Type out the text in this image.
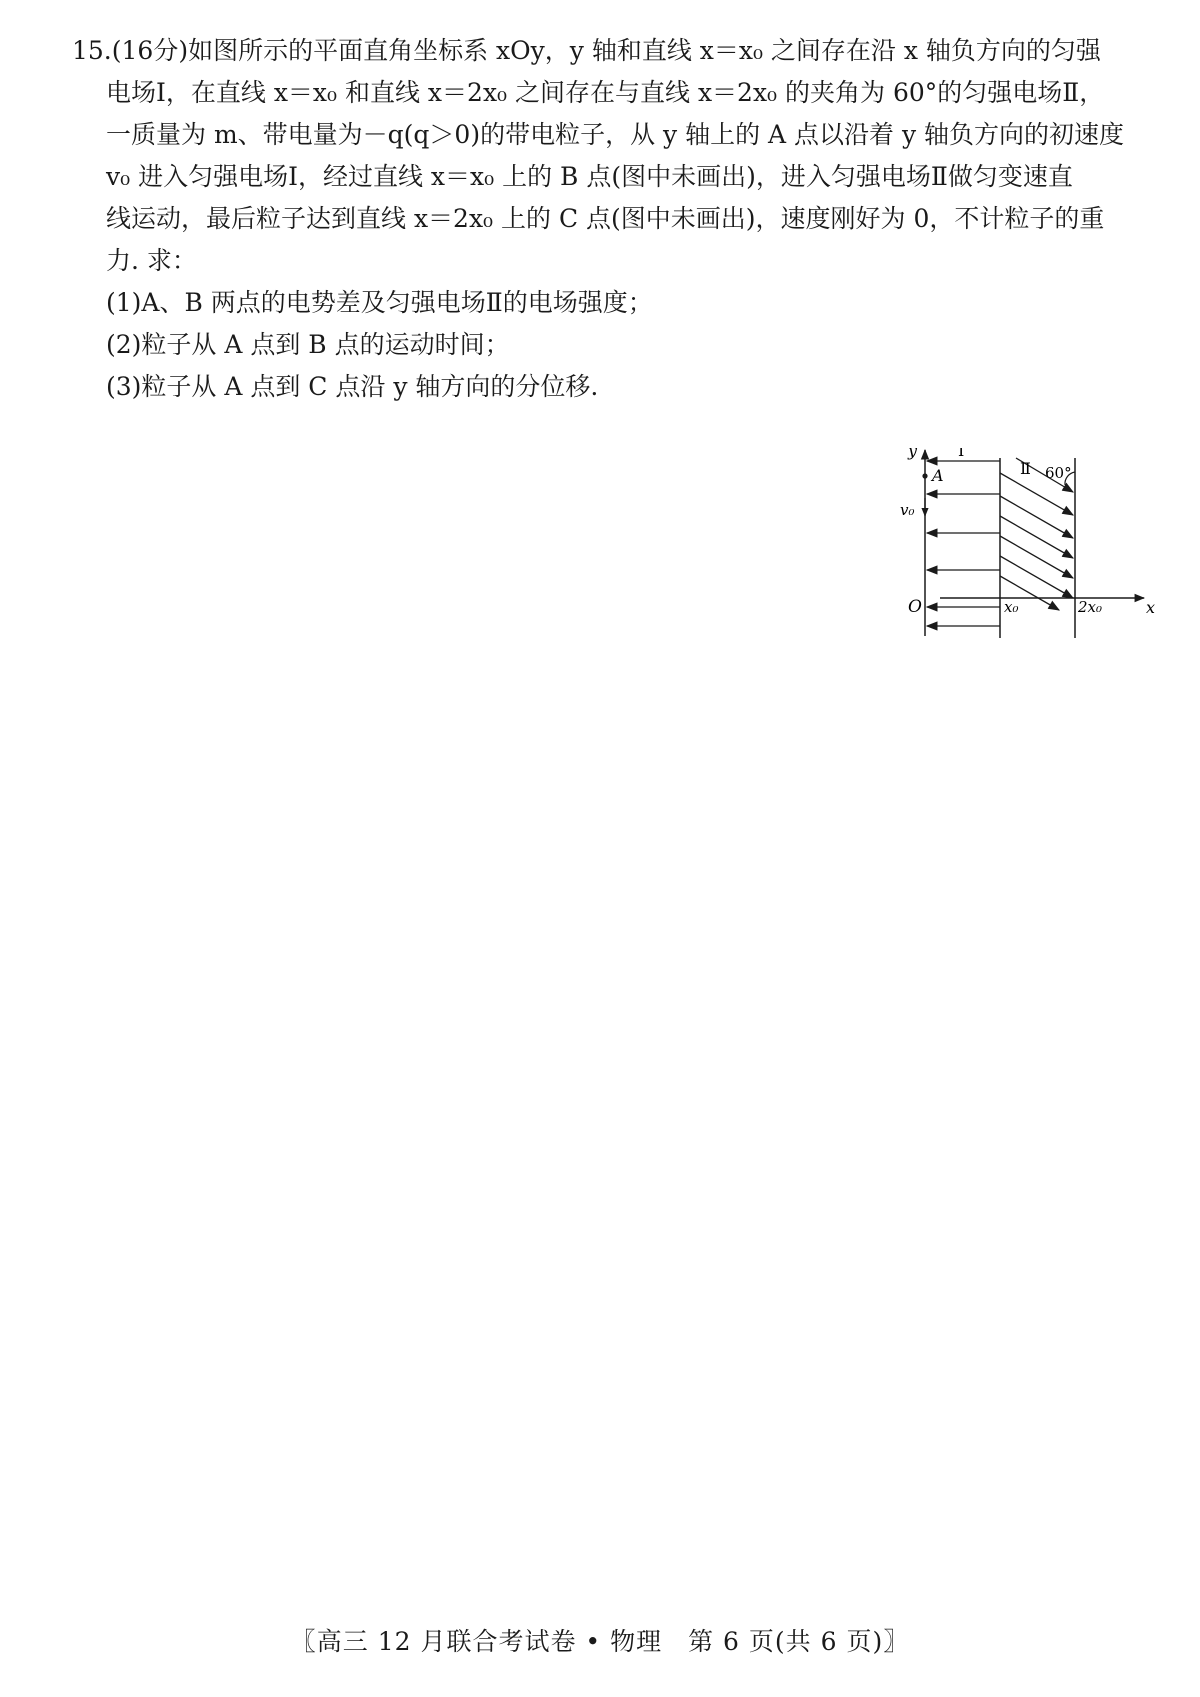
15.(16分)如图所示的平面直角坐标系 xOy，y 轴和直线 x＝x₀ 之间存在沿 x 轴负方向的匀强

电场Ⅰ，在直线 x＝x₀ 和直线 x＝2x₀ 之间存在与直线 x＝2x₀ 的夹角为 60°的匀强电场Ⅱ，

一质量为 m、带电量为－q(q＞0)的带电粒子，从 y 轴上的 A 点以沿着 y 轴负方向的初速度

v₀ 进入匀强电场Ⅰ，经过直线 x＝x₀ 上的 B 点(图中未画出)，进入匀强电场Ⅱ做匀变速直

线运动，最后粒子达到直线 x＝2x₀ 上的 C 点(图中未画出)，速度刚好为 0，不计粒子的重

力. 求：

(1)A、B 两点的电势差及匀强电场Ⅱ的电场强度；

(2)粒子从 A 点到 B 点的运动时间；

(3)粒子从 A 点到 C 点沿 y 轴方向的分位移.

y
x
O	x₀	2x₀
Ⅰ
Ⅱ 60°
A
v₀
〖高三 12 月联合考试卷 • 物理　第 6 页(共 6 页)〗
